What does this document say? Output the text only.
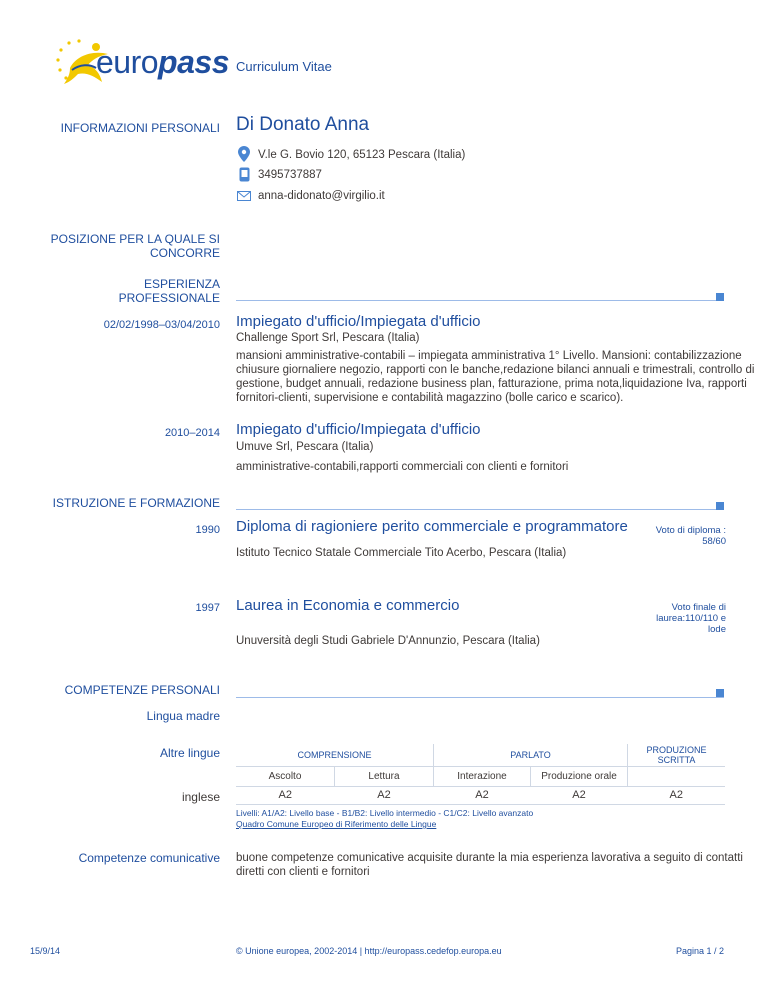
europass Curriculum Vitae
INFORMAZIONI PERSONALI Di Donato Anna
V.le G. Bovio 120, 65123 Pescara (Italia)
3495737887
anna-didonato@virgilio.it
POSIZIONE PER LA QUALE SI
CONCORRE
ESPERIENZA
PROFESSIONALE
02/02/1998–03/04/2010 Impiegato d'ufficio/Impiegata d'ufficio
Challenge Sport Srl, Pescara (Italia)
mansioni amministrative-contabili – impiegata amministrativa 1° Livello. Mansioni: contabilizzazione
chiusure giornaliere negozio, rapporti con le banche,redazione bilanci annuali e trimestrali, controllo di
gestione, budget annuali, redazione business plan, fatturazione, prima nota,liquidazione Iva, rapporti
fornitori-clienti, supervisione e contabilità magazzino (bolle carico e scarico).
2010–2014 Impiegato d'ufficio/Impiegata d'ufficio
Umuve Srl, Pescara (Italia)
amministrative-contabili,rapporti commerciali con clienti e fornitori
ISTRUZIONE E FORMAZIONE
1990 Diploma di ragioniere perito commerciale e programmatore	Voto di diploma :
58/60
Istituto Tecnico Statale Commerciale Tito Acerbo, Pescara (Italia)
1997 Laurea in Economia e commercio	Voto finale di
laurea:110/110 e
lode
Unuversità degli Studi Gabriele D'Annunzio, Pescara (Italia)
COMPETENZE PERSONALI
Lingua madre
Altre lingue
inglese
COMPRENSIONE		PARLATO		PRODUZIONE SCRITTA
Ascolto	Lettura	Interazione	Produzione orale	
A2	A2	A2	A2	A2
Livelli: A1/A2: Livello base - B1/B2: Livello intermedio - C1/C2: Livello avanzato
Quadro Comune Europeo di Riferimento delle Lingue
Competenze comunicative buone competenze comunicative acquisite durante la mia esperienza lavorativa a seguito di contatti
diretti con clienti e fornitori
15/9/14	© Unione europea, 2002-2014 | http://europass.cedefop.europa.eu	Pagina 1 / 2
